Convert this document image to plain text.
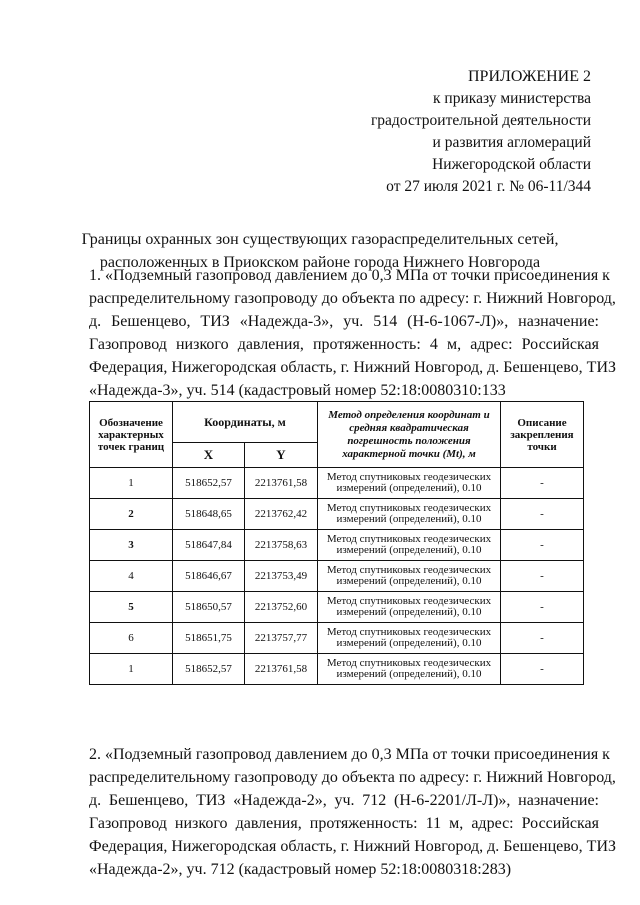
ПРИЛОЖЕНИЕ 2
к приказу министерства
градостроительной деятельности
и развития агломераций
Нижегородской области
от 27 июля 2021 г. № 06-11/344
Границы охранных зон существующих газораспределительных сетей,
расположенных в Приокском районе города Нижнего Новгорода
1. «Подземный газопровод давлением до 0,3 МПа от точки присоединения к
распределительному газопроводу до объекта по адресу: г. Нижний Новгород,
д. Бешенцево, ТИЗ «Надежда-3», уч. 514 (Н-6-1067-Л)», назначение:
Газопровод низкого давления, протяженность: 4 м, адрес: Российская
Федерация, Нижегородская область, г. Нижний Новгород, д. Бешенцево, ТИЗ
«Надежда-3», уч. 514 (кадастровый номер 52:18:0080310:133
Обозначение характерных точек границ	Координаты, м		Метод определения координат и средняя квадратическая погрешность положения характерной точки (Mt), м	Описание закрепления точки
	X	Y		
1	518652,57	2213761,58	Метод спутниковых геодезических измерений (определений), 0.10	-
2	518648,65	2213762,42	Метод спутниковых геодезических измерений (определений), 0.10	-
3	518647,84	2213758,63	Метод спутниковых геодезических измерений (определений), 0.10	-
4	518646,67	2213753,49	Метод спутниковых геодезических измерений (определений), 0.10	-
5	518650,57	2213752,60	Метод спутниковых геодезических измерений (определений), 0.10	-
6	518651,75	2213757,77	Метод спутниковых геодезических измерений (определений), 0.10	-
1	518652,57	2213761,58	Метод спутниковых геодезических измерений (определений), 0.10	-
2. «Подземный газопровод давлением до 0,3 МПа от точки присоединения к
распределительному газопроводу до объекта по адресу: г. Нижний Новгород,
д. Бешенцево, ТИЗ «Надежда-2», уч. 712 (Н-6-2201/Л-Л)», назначение:
Газопровод низкого давления, протяженность: 11 м, адрес: Российская
Федерация, Нижегородская область, г. Нижний Новгород, д. Бешенцево, ТИЗ
«Надежда-2», уч. 712 (кадастровый номер 52:18:0080318:283)
